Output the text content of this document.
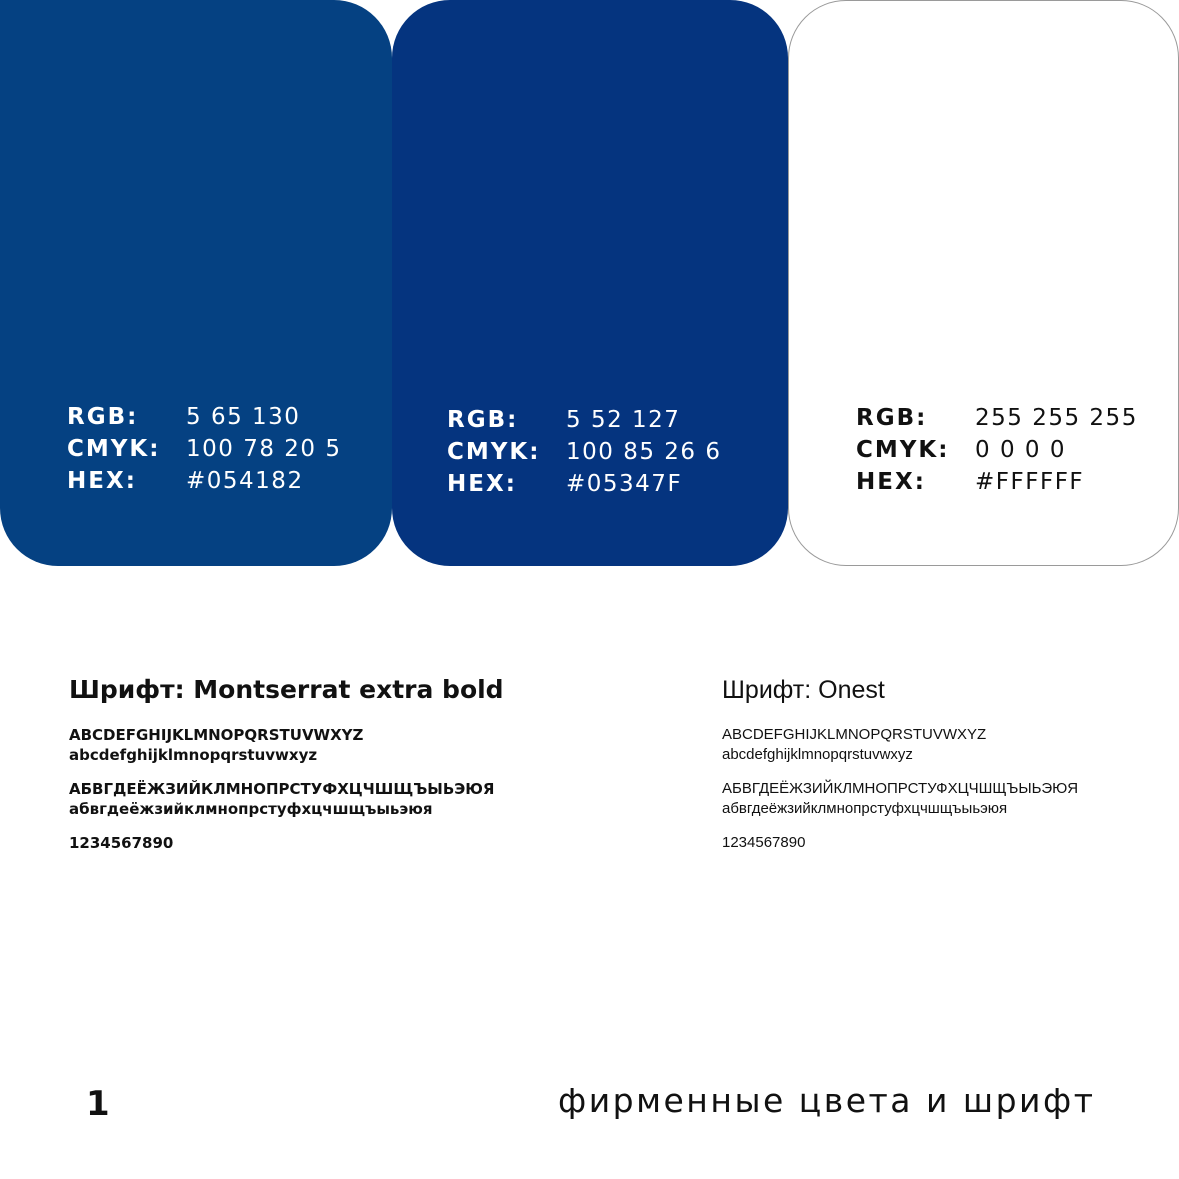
RGB:	5 65 130
CMYK:	100 78 20 5
HEX:	#054182
RGB:	5 52 127
CMYK:	100 85 26 6
HEX:	#05347F
RGB:	255 255 255
CMYK:	0 0 0 0
HEX:	#FFFFFF
Шрифт: Montserrat extra bold
ABCDEFGHIJKLMNOPQRSTUVWXYZ
abcdefghijklmnopqrstuvwxyz
АБВГДЕЁЖЗИЙКЛМНОПРСТУФХЦЧШЩЪЫЬЭЮЯ
абвгдеёжзийклмнопрстуфхцчшщъыьэюя
1234567890
Шрифт: Onest
ABCDEFGHIJKLMNOPQRSTUVWXYZ
abcdefghijklmnopqrstuvwxyz
АБВГДЕЁЖЗИЙКЛМНОПРСТУФХЦЧШЩЪЫЬЭЮЯ
абвгдеёжзийклмнопрстуфхцчшщъыьэюя
1234567890
1	фирменные цвета и шрифт
